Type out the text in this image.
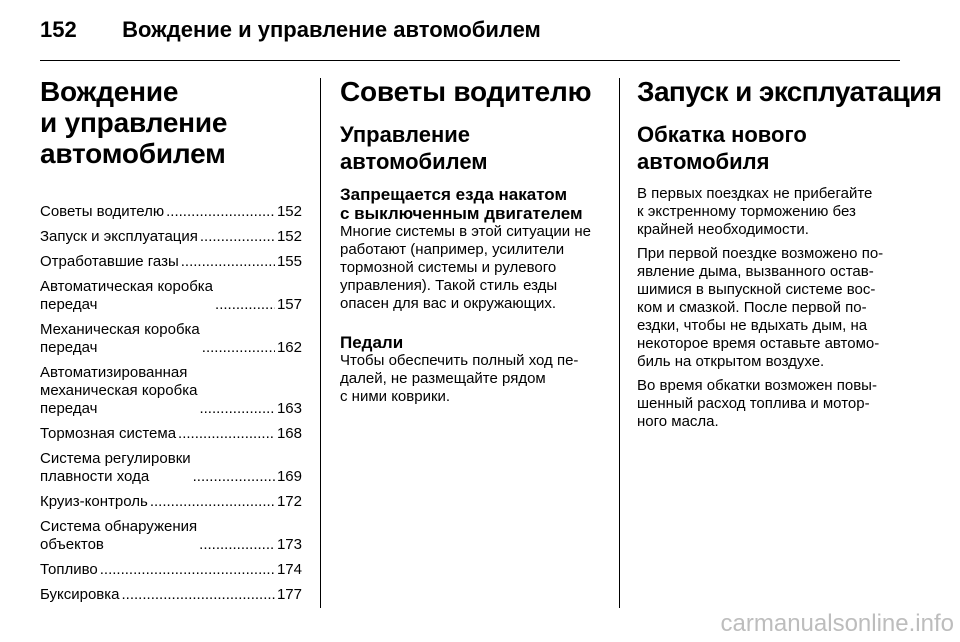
152 Вождение и управление автомобилем
Вождение
и управление
автомобилем
Советы водителю .....	152
Запуск и эксплуатация .....	152
Отработавшие газы .....	155
Автоматическая коробка
передач .....	157
Механическая коробка
передач .....	162
Автоматизированная
механическая коробка
передач .....	163
Тормозная система .....	168
Система регулировки
плавности хода .....	169
Круиз-контроль .....	172
Система обнаружения
объектов .....	173
Топливо .....	174
Буксировка .....	177
Советы водителю
Управление
автомобилем
Запрещается езда накатом
с выключенным двигателем
Многие системы в этой ситуации не
работают (например, усилители
тормозной системы и рулевого
управления). Такой стиль езды
опасен для вас и окружающих.
Педали
Чтобы обеспечить полный ход пе-
далей, не размещайте рядом
с ними коврики.
Запуск и эксплуатация
Обкатка нового
автомобиля
В первых поездках не прибегайте
к экстренному торможению без
крайней необходимости.
При первой поездке возможено по-
явление дыма, вызванного остав-
шимися в выпускной системе вос-
ком и смазкой. После первой по-
ездки, чтобы не вдыхать дым, на
некоторое время оставьте автомо-
биль на открытом воздухе.
Во время обкатки возможен повы-
шенный расход топлива и мотор-
ного масла.
carmanualsonline.info
